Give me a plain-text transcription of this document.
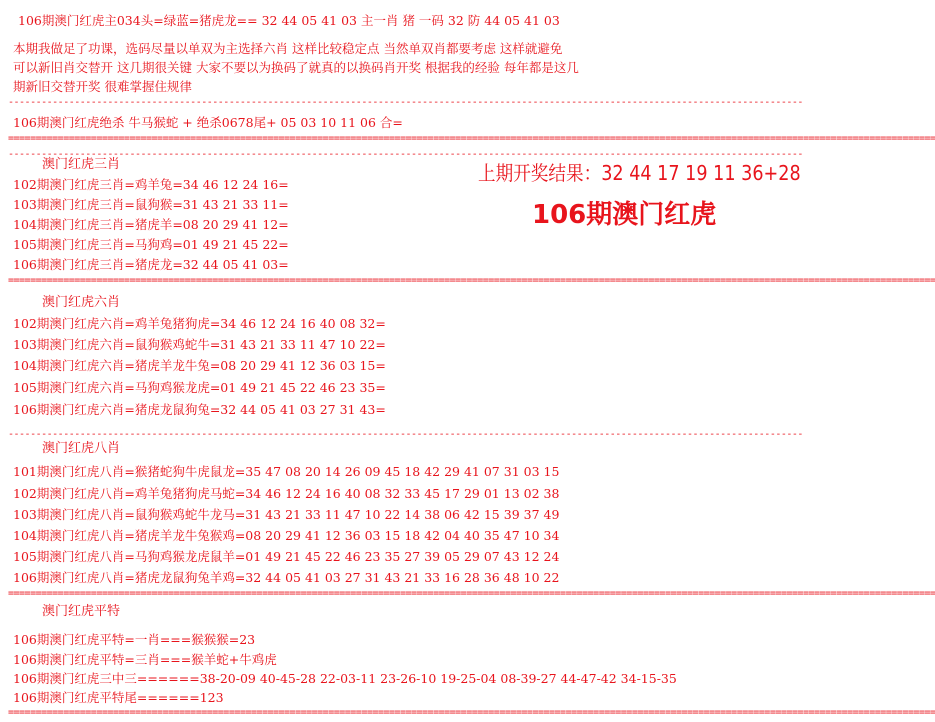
106期澳门红虎主034头=绿蓝=猪虎龙== 32 44 05 41 03 主一肖 猪 一码 32 防 44 05 41 03
本期我做足了功课，选码尽量以单双为主选择六肖 这样比较稳定点 当然单双肖都要考虑 这样就避免
可以新旧肖交替开 这几期很关键 大家不要以为换码了就真的以换码肖开奖 根据我的经验 每年都是这几
期新旧交替开奖 很难掌握住规律
------------------------------------------------------------------------------------------------------------------------------------------------
106期澳门红虎绝杀 牛马猴蛇 + 绝杀0678尾+ 05 03 10 11 06 合=
========================================================================================================================================================================
------------------------------------------------------------------------------------------------------------------------------------------------
澳门红虎三肖
102期澳门红虎三肖=鸡羊兔=34 46 12 24 16=
103期澳门红虎三肖=鼠狗猴=31 43 21 33 11=
104期澳门红虎三肖=猪虎羊=08 20 29 41 12=
105期澳门红虎三肖=马狗鸡=01 49 21 45 22=
106期澳门红虎三肖=猪虎龙=32 44 05 41 03=
========================================================================================================================================================================
上期开奖结果：32 44 17 19 11 36+28
106期澳门红虎
澳门红虎六肖
102期澳门红虎六肖=鸡羊兔猪狗虎=34 46 12 24 16 40 08 32=
103期澳门红虎六肖=鼠狗猴鸡蛇牛=31 43 21 33 11 47 10 22=
104期澳门红虎六肖=猪虎羊龙牛兔=08 20 29 41 12 36 03 15=
105期澳门红虎六肖=马狗鸡猴龙虎=01 49 21 45 22 46 23 35=
106期澳门红虎六肖=猪虎龙鼠狗兔=32 44 05 41 03 27 31 43=
------------------------------------------------------------------------------------------------------------------------------------------------
澳门红虎八肖
101期澳门红虎八肖=猴猪蛇狗牛虎鼠龙=35 47 08 20 14 26 09 45 18 42 29 41 07 31 03 15
102期澳门红虎八肖=鸡羊兔猪狗虎马蛇=34 46 12 24 16 40 08 32 33 45 17 29 01 13 02 38
103期澳门红虎八肖=鼠狗猴鸡蛇牛龙马=31 43 21 33 11 47 10 22 14 38 06 42 15 39 37 49
104期澳门红虎八肖=猪虎羊龙牛兔猴鸡=08 20 29 41 12 36 03 15 18 42 04 40 35 47 10 34
105期澳门红虎八肖=马狗鸡猴龙虎鼠羊=01 49 21 45 22 46 23 35 27 39 05 29 07 43 12 24
106期澳门红虎八肖=猪虎龙鼠狗兔羊鸡=32 44 05 41 03 27 31 43 21 33 16 28 36 48 10 22
========================================================================================================================================================================
澳门红虎平特
106期澳门红虎平特=一肖===猴猴猴=23
106期澳门红虎平特=三肖===猴羊蛇+牛鸡虎
106期澳门红虎三中三======38-20-09 40-45-28 22-03-11 23-26-10 19-25-04 08-39-27 44-47-42 34-15-35
106期澳门红虎平特尾======123
========================================================================================================================================================================
